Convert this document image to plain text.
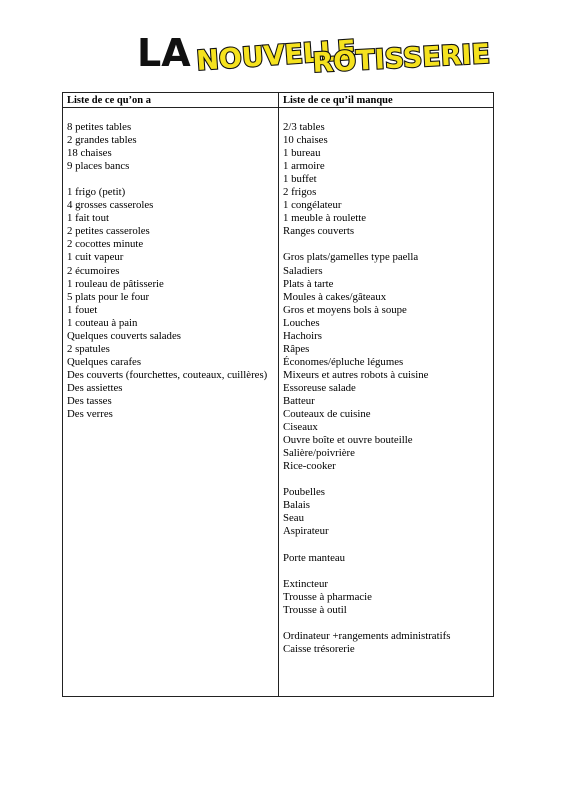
LA NOUVELLE
ROTISSERIE
Liste de ce qu’on a	Liste de ce qu’il manque
8 petites tables
2 grandes tables
18 chaises
9 places bancs
1 frigo (petit)
4 grosses casseroles
1 fait tout
2 petites casseroles
2 cocottes minute
1 cuit vapeur
2 écumoires
1 rouleau de pâtisserie
5 plats pour le four
1 fouet
1 couteau à pain
Quelques couverts salades
2 spatules
Quelques carafes
Des couverts (fourchettes, couteaux, cuillères)
Des assiettes
Des tasses
Des verres
2/3 tables
10 chaises
1 bureau
1 armoire
1 buffet
2 frigos
1 congélateur
1 meuble à roulette
Ranges couverts
Gros plats/gamelles type paella
Saladiers
Plats à tarte
Moules à cakes/gâteaux
Gros et moyens bols à soupe
Louches
Hachoirs
Râpes
Économes/épluche légumes
Mixeurs et autres robots à cuisine
Essoreuse salade
Batteur
Couteaux de cuisine
Ciseaux
Ouvre boîte et ouvre bouteille
Salière/poivrière
Rice-cooker
Poubelles
Balais
Seau
Aspirateur
Porte manteau
Extincteur
Trousse à pharmacie
Trousse à outil
Ordinateur +rangements administratifs
Caisse trésorerie
